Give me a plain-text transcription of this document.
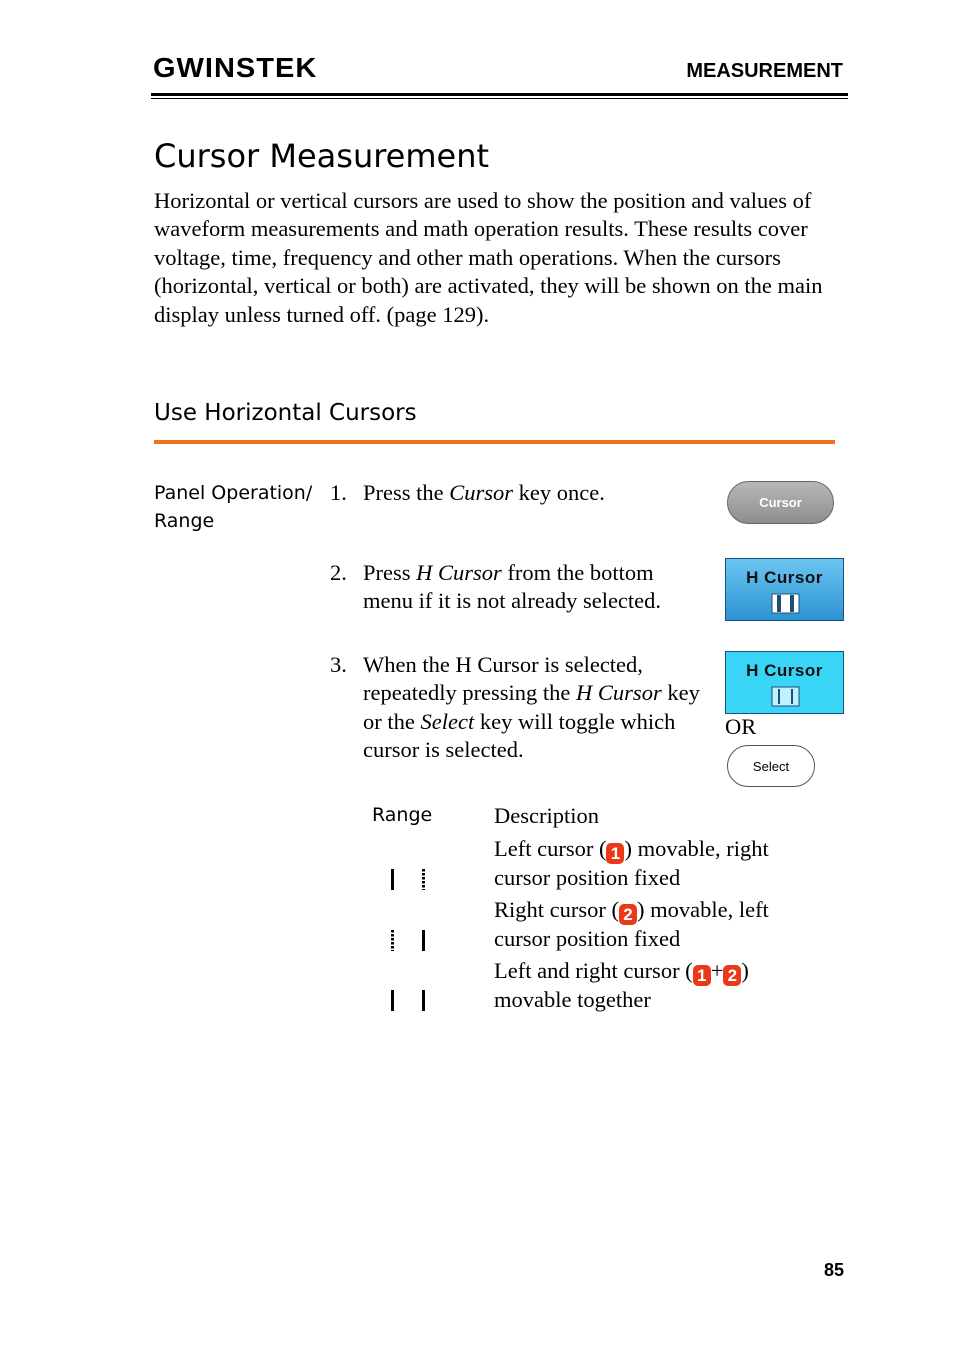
GWINSTEK	MEASUREMENT
Cursor Measurement
Horizontal or vertical cursors are used to show the position and values of waveform measurements and math operation results. These results cover voltage, time, frequency and other math operations. When the cursors (horizontal, vertical or both) are activated, they will be shown on the main display unless turned off. (page 129).
Use Horizontal Cursors
Panel Operation/
Range
1. Press the Cursor key once.
2. Press H Cursor from the bottom menu if it is not already selected.
3. When the H Cursor is selected, repeatedly pressing the H Cursor key or the Select key will toggle which cursor is selected.
Cursor
H Cursor
H Cursor
OR
Select
Range	Description
Left cursor ( 1 ) movable, right cursor position fixed
Right cursor ( 2 ) movable, left cursor position fixed
Left and right cursor ( 1 + 2 ) movable together
85
